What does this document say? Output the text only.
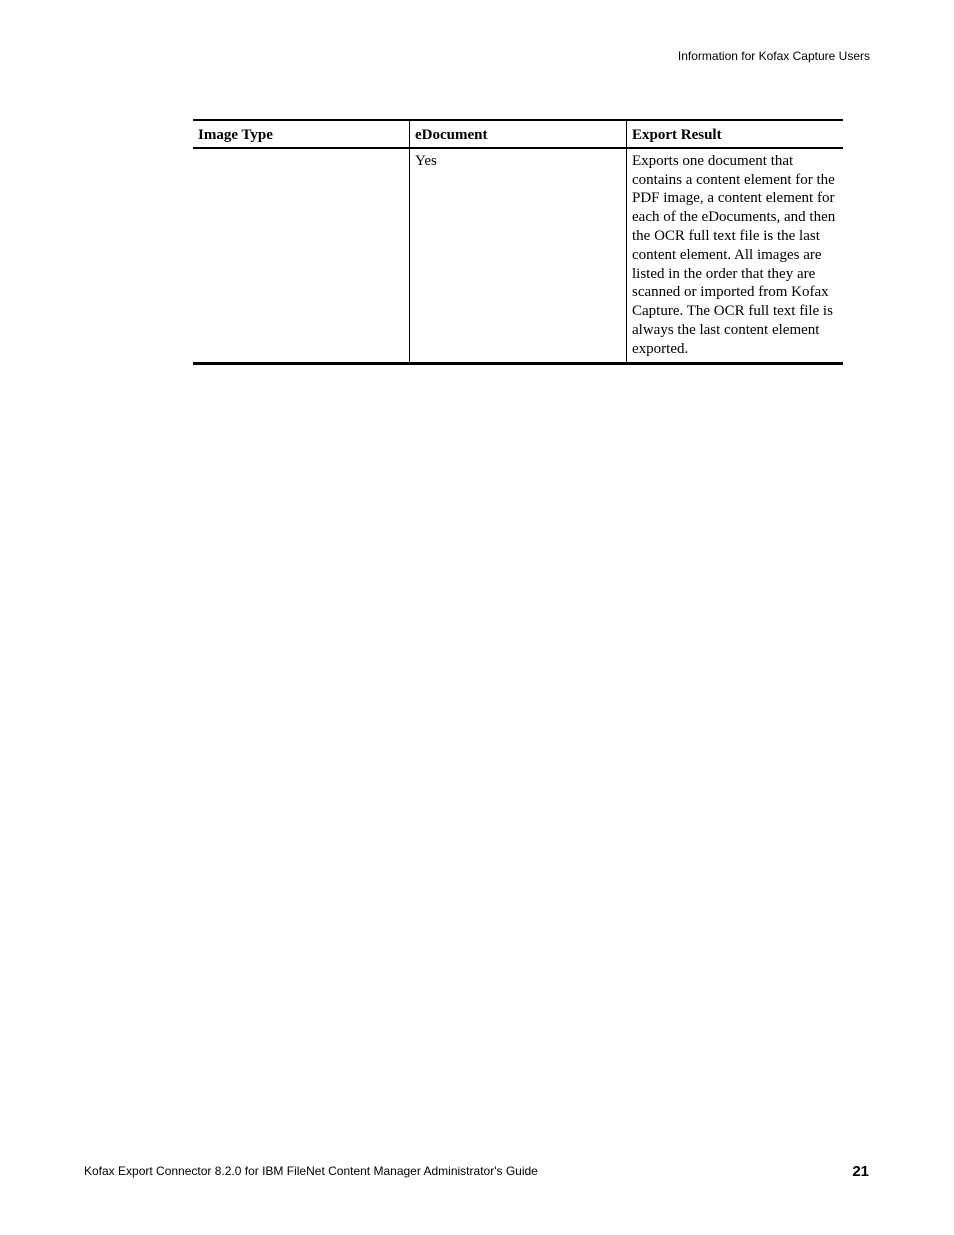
Information for Kofax Capture Users
Image Type	eDocument	Export Result
	Yes	Exports one document that contains a content element for the PDF image, a content element for each of the eDocuments, and then the OCR full text file is the last content element. All images are listed in the order that they are scanned or imported from Kofax Capture. The OCR full text file is always the last content element exported.
Kofax Export Connector 8.2.0 for IBM FileNet Content Manager Administrator's Guide	21
